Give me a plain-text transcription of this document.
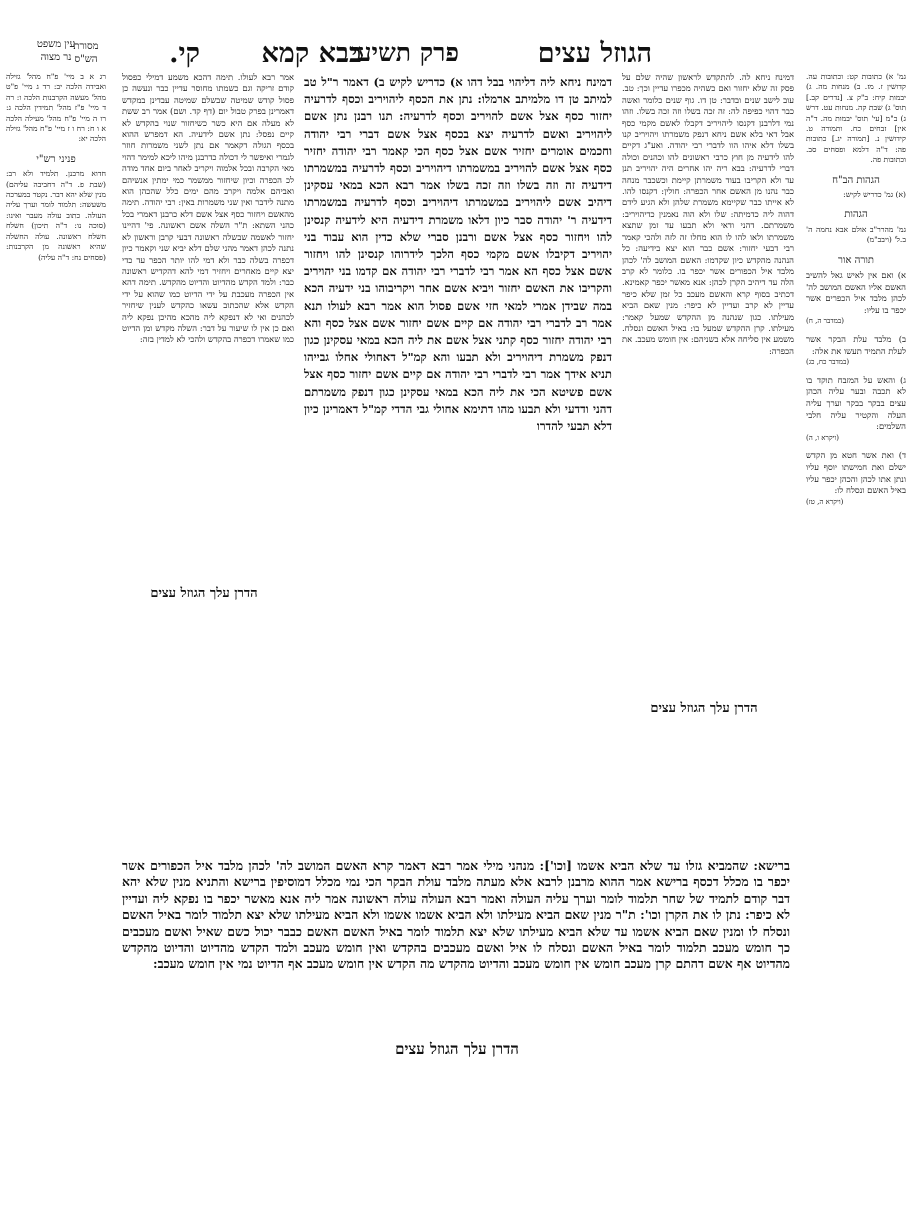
מסורת
הש"ס	הגוזל עצים
פרק תשיעי
בבא קמא
קי.
עין משפט
נר מצוה

גמ' א) כתובות קט: וכתובות עה. קדושין ז. מז. ב) מנחות מה. ג) יבמות קיח: ב"ק צ. [נדרים קב.] תוס' ג) שבת קה. מנחות עט. דרש ג) ב"מ [עי' תוס' יבמות מה. ד"ה אין] זבחים כח. ותמורה ט. קידושין נ. [תמורה יג.] כתובות פה: ד"ה דלמא ופסחים סב. וכתובות פה.

הגהות הב"ח

(א) גמ' כדריש לקיש:

הגהות

גמ' מהרר"ב אולם אבא נחמה ה' ב.ל' (ויבב"מ)

תורה אור

א) ואם אין לאיש גאל להשיב האשם אליו האשם המושב לה' לכהן מלבד איל הכפרים אשר יכפר בו עליו:
(במדבר ה, ח)

ב) מלבד עלת הבקר אשר לעלת התמיד תעשו את אלה:
(במדבר כח, כג)

ג) והאש על המזבח תוקד בו לא תכבה ובער עליה הכהן עצים בבקר בבקר וערך עליה העלה והקטיר עליה חלבי השלמים:
(ויקרא ו, ה)

ד) ואת אשר חטא מן הקדש ישלם ואת חמישתו יוסף עליו ונתן אתו לכהן והכהן יכפר עליו באיל האשם ונסלח לו:
(ויקרא ה, טז)

דמינח ניחא לה. להתקדש לראשון שהיה שלם על פסק זה שלא יחזור ואם כשהיה מכפרו עדיין וכך: טב. עוב לישב שנים ובדבר: טן דו. גוף שנים כלומר ואשה כבר דהוי כפיפה לה: זה זכה בשלו וזה זכה בשלו. וזהו נמי דלרבנן דקנסו ליהויריב דקבלו לאשם מקמי כסף אבל דאי בלא אשם ניחא דנפק משמרתו ויהויריב קנו בשלו דלא איהו הוו לדברי רבי יהודה. ואע"ג דקיים להו לידעיה מן חוץ כרבי ראשונים להו וכהנים וכולה דברי לדרעיה: בבא ריה יהו אחרים היה יהויריב תנן עד ולא הקריבו בעוד משמרתן קיימת וכשכבר מנחה כבר נהנו מן האשם אחר הכפרה: חולין: דקנסו להו. לא אייתו כבר שקיימא משמרת שלהן ולא הגיע לידם דהוה ליה כדמיתה: שלו ולא הוה נאמנין כדיהויריב: משמרתם. דהני ודאי ולא תבעו עד זמן שתצא משמרתו ולאו להו לו הוא מחלו זה לזה ולהכי קאמר רבי דבעי יחזור: אשם כבר הוא יצא בידיעה: כל הנהנה מהקדש כיון שקדמו: האשם המושב לה' לכהן מלבד איל הכפורים אשר יכפר בו. כלומר לא קרב הלה עד דיהיב הקרן לכהן: אנא מאשר יכפר קאמינא. דכתיב בסוף קרא והאשם מעכב כל זמן שלא כיפר עדיין לא קרב ועדיין לא כיפר: מנין שאם הביא מעילתו. כגון שנהנה מן ההקדש שמעל קאמר: מעילתו. קרן ההקדש שמעל בו: באיל האשם ונסלח. משמע אין סליחה אלא בשניהם: אין חומש מעכב. את הכפרה:

הדרן עלך הגוזל עצים

דמינח ניחא ליה דליהוי בבל דהו א) כדריש לקיש ב) דאמר ר"ל טב למיתב טן דו מלמיתב ארמלו: נתן את הכסף ליהויריב וכסף לדרעיה יחזור כסף אצל אשם להויריב וכסף לדרעיה: תנו רבנן נתן אשם ליהויריב ואשם לדרעיה יצא בכסף אצל אשם דברי רבי יהודה וחכמים אומרים יחזיר אשם אצל כסף הכי קאמר רבי יהודה יחזיר כסף אצל אשם להויריב במשמרתו דיהויריב וכסף לדרעיה במשמרתו דידעיה זה וזה בשלו וזה זכה בשלו אמר רבא הכא במאי עסקינן דיהיב אשם ליהויריב במשמרתו דיהויריב וכסף לדרעיה במשמרתו דידעיה ר' יהודה סבר כיון דלאו משמרת דידעיה היא לידעיה קנסינן להו ויחזור כסף אצל אשם ורבנן סברי שלא כדין הוא עבוד בני יהויריב דקיבלו אשם מקמי כסף הלכך לידרוהו קנסינן להו ויחזור אשם אצל כסף הא אמר רבי לדברי רבי יהודה אם קדמו בני יהויריב והקריבו את האשם יחזור ויביא אשם אחר ויקריבוהו בני ידעיה הכא במה שבידן אמרי למאי חזי אשם פסול הוא אמר רבא לעולו תנא אמר רב לדברי רבי יהודה אם קיים אשם יחזור אשם אצל כסף והא רבי יהודה יחזור כסף קתני אצל אשם את ליה הכא במאי עסקינן כגון דנפק משמרת דיהויריב ולא תבעו והא קמ"ל דאחולי אחלו גבייהו תניא אידך אמר רבי לדברי רבי יהודה אם קיים אשם יחזור כסף אצל אשם פשיטא הכי את ליה הכא במאי עסקינן כגון דנפק משמרתם דהני ודדעי ולא תבעו מהו דתימא אחולי גבי הדדי קמ"ל דאמרינן כיון דלא תבעי להדרו

אמר רבא לעולו. תימה דהכא משמע דמילי כפסול קודם זריקה וגם כשמתו מחוסר עדיין כבר ונעשה כן פסול קודש שמיטה שבשלם שמיטה עבדינן במקדש דאמרינן בפרק טבול יום (דף קד. ושם) אמר רב ששת לא מעלה אם היא כשר כשיחזור שנוי בהקדש לא קיים נפסל: נתן אשם לידעיה. הא דמפרש ההוא בכסף הגולה דקאמר אם נתן לשני משמרות חוזר לגמרי ואיפשר לי דכולה כדרבנן מיהו ליכא למימר דהוי מאי הקרבה ובכל אלמוה ויקריב לאחר ביום אחד מודה לכ הכפרה וכיון שיחזור ממשמר כמי ימתין אנשיהם ואביהם אלמה ויקרב מהם ימים כלל שהכהן הוא מתנה לידבר ואין שני משמרות באין: רבי יהודה. תימה מהאשם ויחזור כסף אצל אשם דלא כרבנן דאמרי בכל כהני השתא: ת"ר השלה אשם ראשונה. פי' דהיינו יחזור לאשמה שבשלה ראשונה דבעי קרבן וראשון לא נתנה לכהן דאמר מהני שלם דלא יביא שני וקאמר כיון דכפרה בשלה כבר ולא דמי להו יותר הכפר עד כדי יצא קיים מאחרים ויחזיר דמי להא דהקדיש ראשונה כבר: ולמד הקדש מהדיוט והדיוט מהקדש. תימה דהא אין הכפרה מעכבת על ידי הדיוט כמו שהוא על ידי הקדש אלא שהכתוב עשאו כהקדש לענין שיחזיר לכהנים ואי לא דנפקא ליה מהכא מהיכן נפקא ליה ואם כן אין לו שיעור על דבר: השלה מקדש ומן הדיוט כמו שאמרו דכפרה בהקדש ולהכי לא למדין בזה:

הדרן עלך הגוזל עצים

רג א ב מיי' פ"ח מהל' גזילה ואבידה הלכה יב: רד ג מיי' פ"ט מהל' מעשה הקרבנות הלכה ו: רה ד מיי' פ"ז מהל' תמידין הלכה ג: רו ה מיי' פ"ח מהל' מעילה הלכה א ו ח: רח ו ז מיי' פ"ח מהל' גזילה הלכה יא:

פניני רש"י

חדוא מרבנן. תלמיד ולא רב: (שבת פ. ד"ה דחביבה עליהם) מנין שלא יהא דבר. נקטר במערכה משעשה: תלמוד לומר וערך עליה העולה. כתוב עולה מעבר ואינו: (סוכה נו: ד"ה תיכון) חשלח חשלח ראשונה. עולה החשלה שהיא ראשונה מן הקרבנות: (פסחים נח: ד"ה עליה)

ברישא: שהמביא גזלו עד שלא הביא אשמו [וכו']: מנהני מילי אמר רבא דאמר קרא האשם המושב לה' לכהן מלבד איל הכפורים אשר יכפר בו מכלל דכסף ברישא אמר ההוא מרבנן לרבא אלא מעתה מלבד עולת הבקר הכי נמי מכלל דמוסיפין ברישא והתניא מנין שלא יהא דבר קודם לתמיד של שחר תלמוד לומר וערך עליה העולה ואמר רבא העולה עולה ראשונה אמר ליה אנא מאשר יכפר בו נפקא ליה ועדיין לא כיפר: נתן לו את הקרן וכו': ת"ר מנין שאם הביא מעילתו ולא הביא אשמו אשמו ולא הביא מעילתו שלא יצא תלמוד לומר באיל האשם ונסלח לו ומנין שאם הביא אשמו עד שלא הביא מעילתו שלא יצא תלמוד לומר באיל האשם האשם כבבר יכול כשם שאיל ואשם מעכבים כך חומש מעכב תלמוד לומר באיל האשם ונסלח לו איל ואשם מעכבים בהקדש ואין חומש מעכב ולמד הקדש מהדיוט והדיוט מהקדש מהדיוט אף אשם דהתם קרן מעכב חומש אין חומש מעכב והדיוט מהקדש מה הקדש אין חומש מעכב אף הדיוט נמי אין חומש מעכב:

הדרן עלך הגוזל עצים
